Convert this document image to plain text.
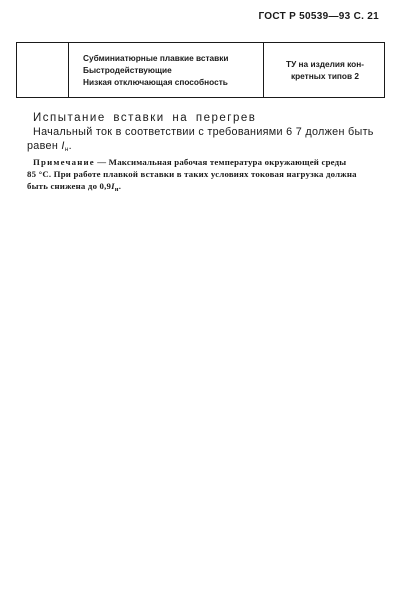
ГОСТ Р 50539—93 С. 21
Субминиатюрные плавкие вставки
Быстродействующие
Низкая отключающая способность
ТУ на изделия кон-
кретных типов 2
Испытание вставки на перегрев
Начальный ток в соответствии с требованиями 6 7 должен быть
равен $I_н$.
Примечание — Максимальная рабочая температура окружающей среды
85 °С. При работе плавкой вставки в таких условиях токовая нагрузка должна
быть снижена до $0,9I_н$.
